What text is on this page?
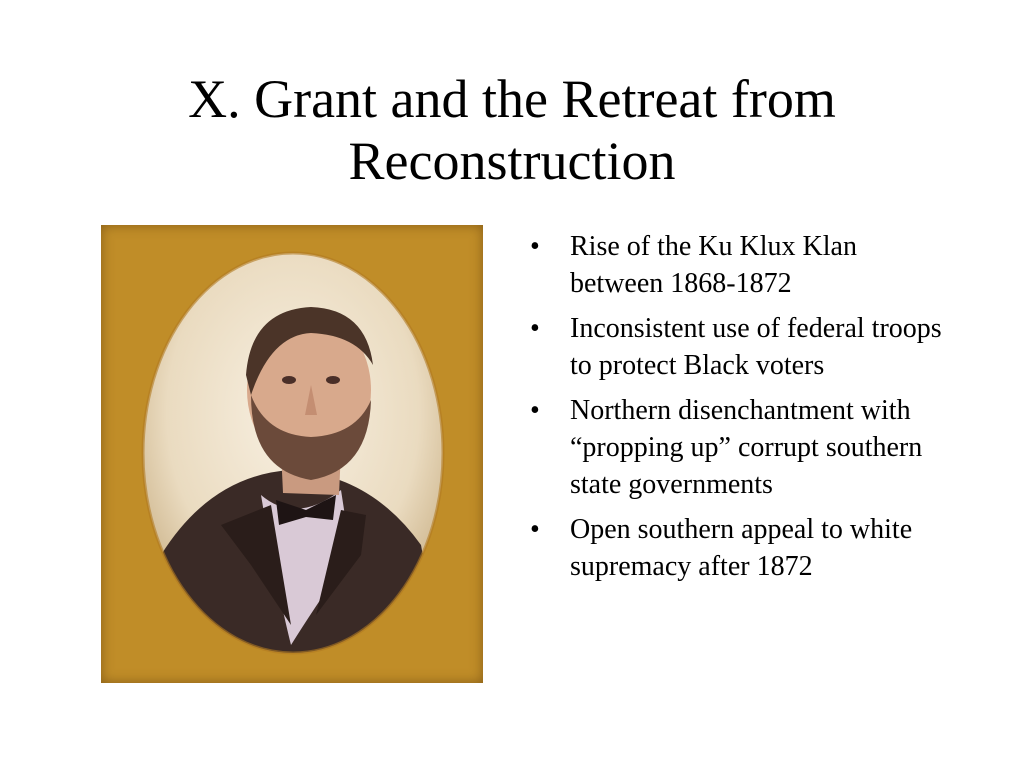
X. Grant and the Retreat from Reconstruction
•	Rise of the Ku Klux Klan between 1868-1872
•	Inconsistent use of federal troops to protect Black voters
•	Northern disenchantment with “propping up” corrupt southern state governments
•	Open southern appeal to white supremacy after 1872
